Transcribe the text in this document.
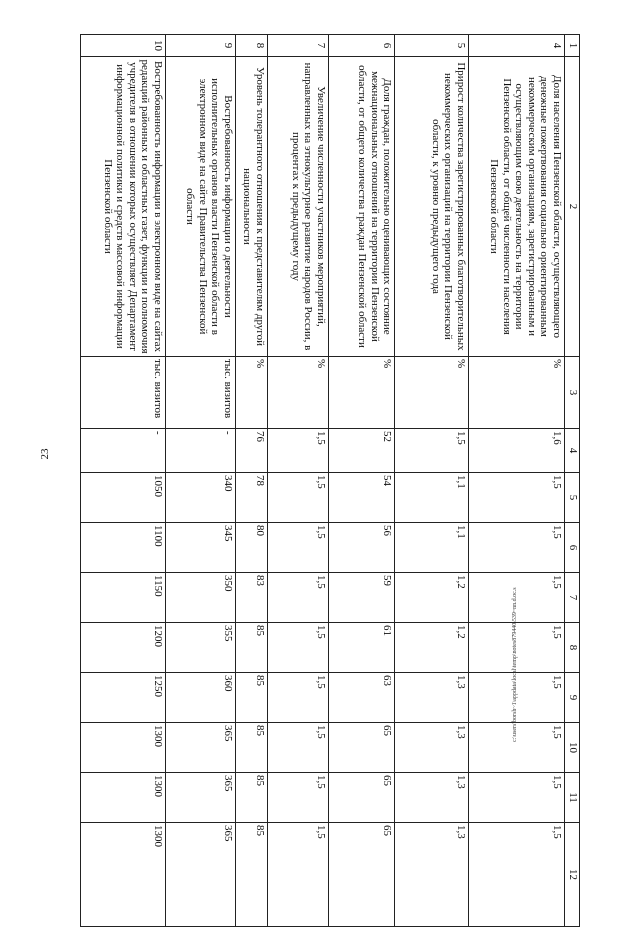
23
1	2	3	4	5	6	7	8	9	10	11	12
4	Доля населения Пензенской области, осуществляющего денежные пожертвования социально ориентированным некоммерческим организациям, зарегистрированным и осуществляющим свою деятельность на территории Пензенской области, от общей численности населения Пензенской области	%	1,6	1,5	1,5	1,5	1,5	1,5	1,5	1,5	1,5
5	Прирост количества зарегистрированных благотворительных некоммерческих организаций на территории Пензенской области, к уровню предыдущего года	%	1,5	1,1	1,1	1,2	1,2	1,3	1,3	1,3	1,3
6	Доля граждан, положительно оценивающих состояние межнациональных отношений на территории Пензенской области, от общего количества граждан Пензенской области	%	52	54	56	59	61	63	65	65	65
7	Увеличение численности участников мероприятий, направленных на этнокультурное развитие народов России, в процентах к предыдущему году	%	1,5	1,5	1,5	1,5	1,5	1,5	1,5	1,5	1,5
8	Уровень толерантного отношения к представителям другой национальности	%	76	78	80	83	85	85	85	85	85
9	Востребованность информации о деятельности исполнительных органов власти Пензенской области в электронном виде на сайте Правительства Пензенской области	тыс. визитов	-	340	345	350	355	360	365	365	365
10	Востребованность информации в электронном виде на сайтах редакций районных и областных газет, функции и полномочия учредителя в отношении которых осуществляет Департамент информационной политики и средств массовой информации Пензенской области	тыс. визитов	-	1050	1100	1150	1200	1250	1300	1300	1300
c:\users\borsh~1\appdata\local\temp\notes879440\539~nn.d.oc.s
